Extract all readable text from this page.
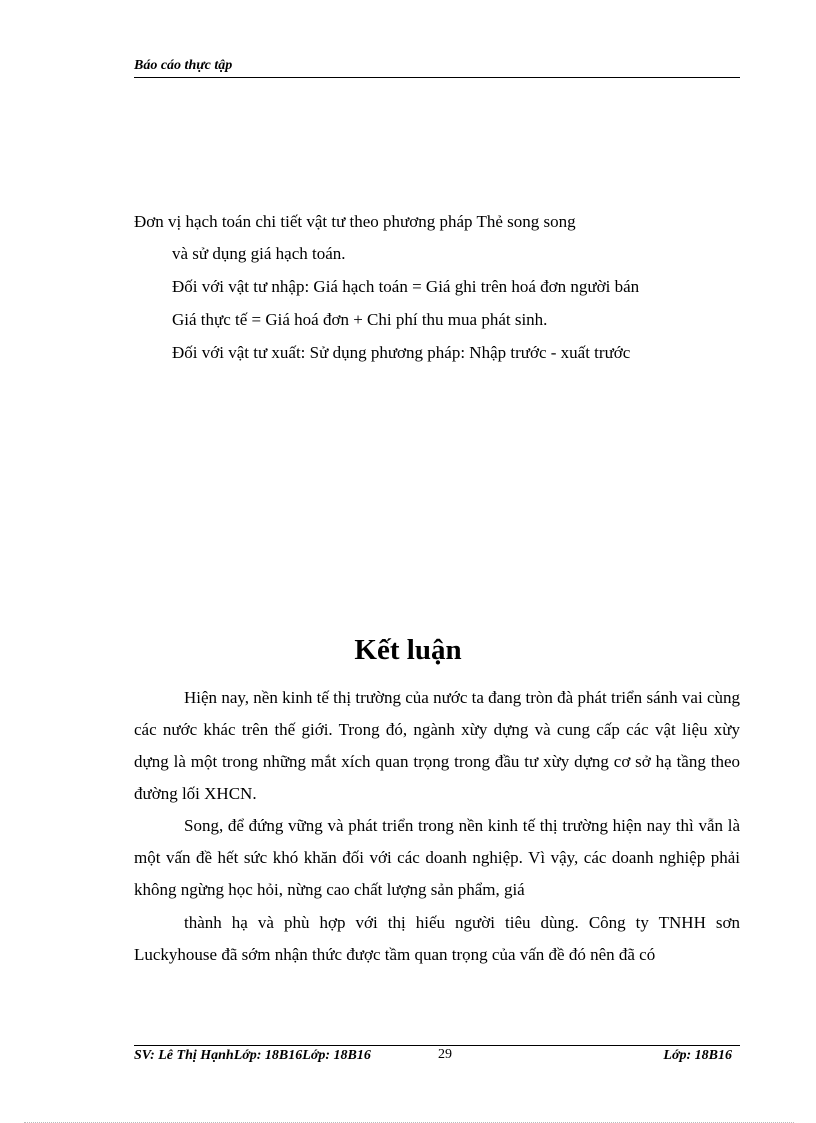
Báo cáo thực tập
Đơn vị hạch toán chi tiết vật tư theo phương pháp Thẻ song song
và sử dụng giá hạch toán.
Đối với vật tư nhập: Giá hạch toán = Giá ghi trên hoá đơn người bán
Giá thực tế = Giá hoá đơn + Chi phí thu mua phát sinh.
Đối với vật tư xuất: Sử dụng phương pháp: Nhập trước - xuất trước
Kết luận
Hiện nay, nền kinh tế thị trường của nước ta đang tròn đà phát triển sánh vai cùng các nước khác trên thế giới. Trong đó, ngành xừy dựng và cung cấp các vật liệu xừy dựng là một trong những mắt xích quan trọng trong đầu tư xừy dựng cơ sở hạ tầng theo đường lối XHCN.
Song, để đứng vững và phát triển trong nền kinh tế thị trường hiện nay thì vẫn là một vấn đề hết sức khó khăn đối với các doanh nghiệp. Vì vậy, các doanh nghiệp phải không ngừng học hỏi, nừng cao chất lượng sản phẩm, giá
thành hạ và phù hợp với thị hiếu người tiêu dùng. Công ty TNHH sơn Luckyhouse đã sớm nhận thức được tầm quan trọng của vấn đề đó nên đã có
SV: Lê Thị HạnhLớp: 18B16Lớp: 18B16	29	Lớp: 18B16
